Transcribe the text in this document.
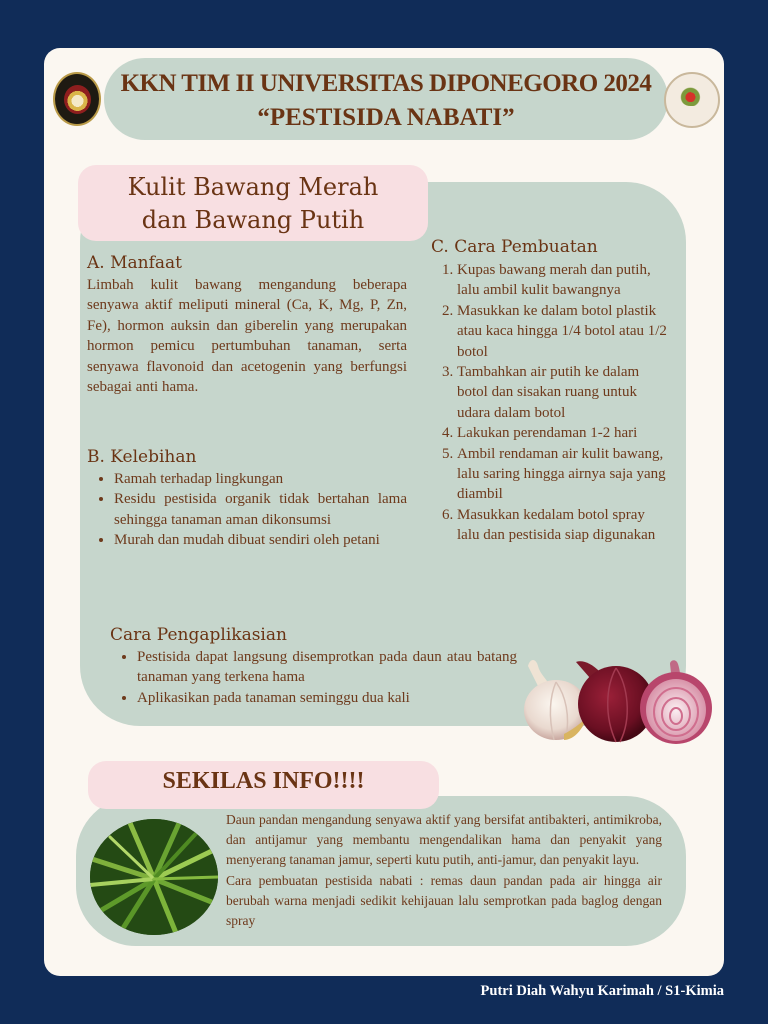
KKN TIM II UNIVERSITAS DIPONEGORO 2024
“PESTISIDA NABATI”
Kulit Bawang Merah
dan Bawang Putih
A. Manfaat
Limbah kulit bawang mengandung beberapa senyawa aktif meliputi mineral (Ca, K, Mg, P, Zn, Fe), hormon auksin dan giberelin yang merupakan hormon pemicu pertumbuhan tanaman, serta senyawa flavonoid dan acetogenin yang berfungsi sebagai anti hama.
B. Kelebihan
• Ramah terhadap lingkungan
• Residu pestisida organik tidak bertahan lama sehingga tanaman aman dikonsumsi
• Murah dan mudah dibuat sendiri oleh petani
C. Cara Pembuatan
1. Kupas bawang merah dan putih, lalu ambil kulit bawangnya
2. Masukkan ke dalam botol plastik atau kaca hingga 1/4 botol atau 1/2 botol
3. Tambahkan air putih ke dalam botol dan sisakan ruang untuk udara dalam botol
4. Lakukan perendaman 1-2 hari
5. Ambil rendaman air kulit bawang, lalu saring hingga airnya saja yang diambil
6. Masukkan kedalam botol spray lalu dan pestisida siap digunakan
Cara Pengaplikasian
• Pestisida dapat langsung disemprotkan pada daun atau batang tanaman yang terkena hama
• Aplikasikan pada tanaman seminggu dua kali
SEKILAS INFO!!!!

Daun pandan mengandung senyawa aktif yang bersifat antibakteri, antimikroba, dan antijamur yang membantu mengendalikan hama dan penyakit yang menyerang tanaman jamur, seperti kutu putih, anti-jamur, dan penyakit layu.

Cara pembuatan pestisida nabati : remas daun pandan pada air hingga air berubah warna menjadi sedikit kehijauan lalu semprotkan pada baglog dengan spray

Putri Diah Wahyu Karimah / S1-Kimia
